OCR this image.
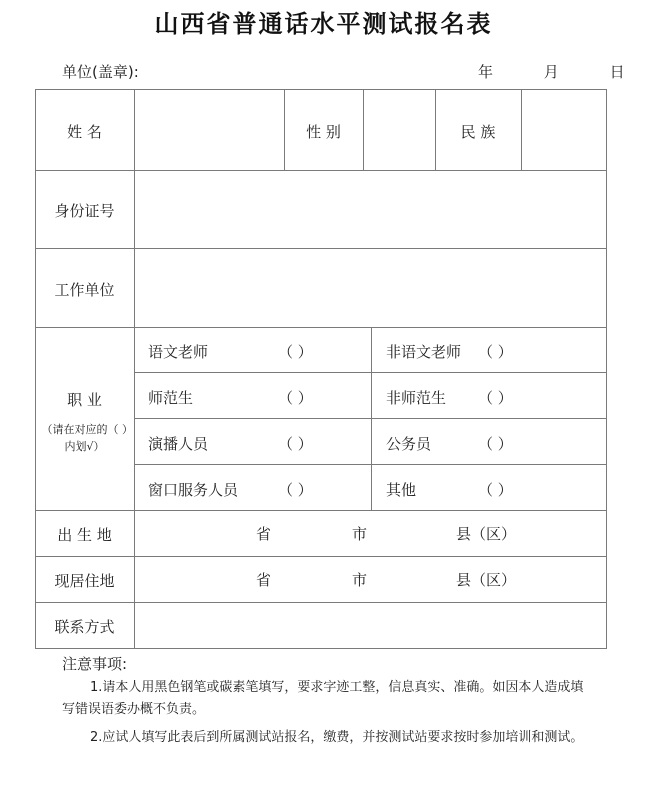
山西省普通话水平测试报名表
单位(盖章):	年	月	日
姓 名	性 别	民 族
身份证号
工作单位
职 业
（请在对应的（ ）内划√）
语文老师	（ ）	非语文老师 （ ）
师范生	（ ）	非师范生 （ ）
演播人员	（ ）	公务员	（ ）
窗口服务人员	（ ）	其他	（ ）
出 生 地	省	市	县（区）
现居住地	省	市	县（区）
联系方式
注意事项:
1.请本人用黑色钢笔或碳素笔填写，要求字迹工整，信息真实、准确。如因本人造成填写错误语委办概不负责。
2.应试人填写此表后到所属测试站报名，缴费，并按测试站要求按时参加培训和测试。
